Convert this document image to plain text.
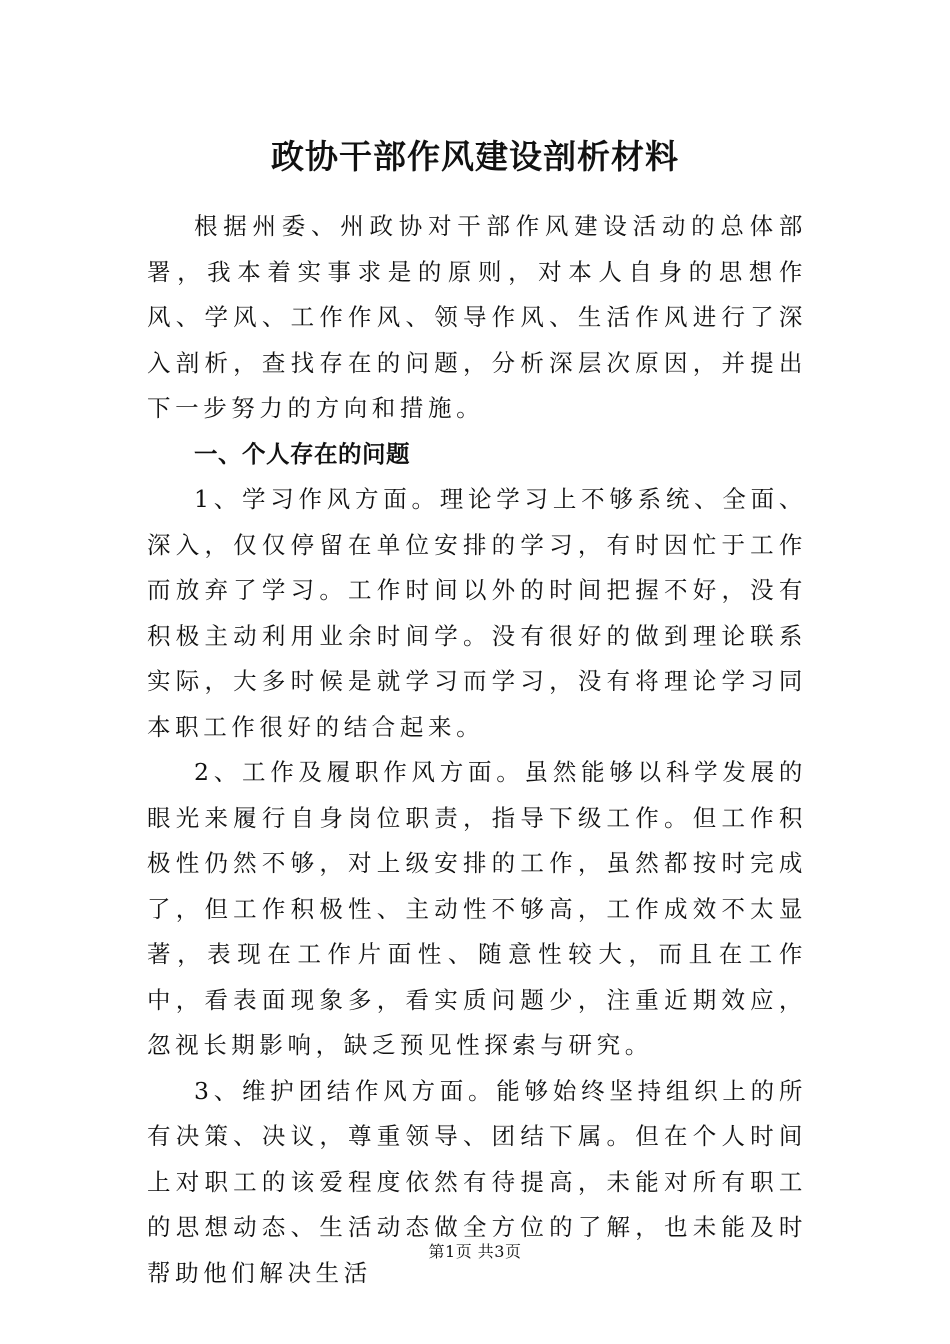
政协干部作风建设剖析材料

根据州委、州政协对干部作风建设活动的总体部署，我本着实事求是的原则，对本人自身的思想作风、学风、工作作风、领导作风、生活作风进行了深入剖析，查找存在的问题，分析深层次原因，并提出下一步努力的方向和措施。

一、个人存在的问题

1、学习作风方面。理论学习上不够系统、全面、深入，仅仅停留在单位安排的学习，有时因忙于工作而放弃了学习。工作时间以外的时间把握不好，没有积极主动利用业余时间学。没有很好的做到理论联系实际，大多时候是就学习而学习，没有将理论学习同本职工作很好的结合起来。

2、工作及履职作风方面。虽然能够以科学发展的眼光来履行自身岗位职责，指导下级工作。但工作积极性仍然不够，对上级安排的工作，虽然都按时完成了，但工作积极性、主动性不够高，工作成效不太显著，表现在工作片面性、随意性较大，而且在工作中，看表面现象多，看实质问题少，注重近期效应，忽视长期影响，缺乏预见性探索与研究。

3、维护团结作风方面。能够始终坚持组织上的所有决策、决议，尊重领导、团结下属。但在个人时间上对职工的该爱程度依然有待提高，未能对所有职工的思想动态、生活动态做全方位的了解，也未能及时帮助他们解决生活

第1页 共3页
